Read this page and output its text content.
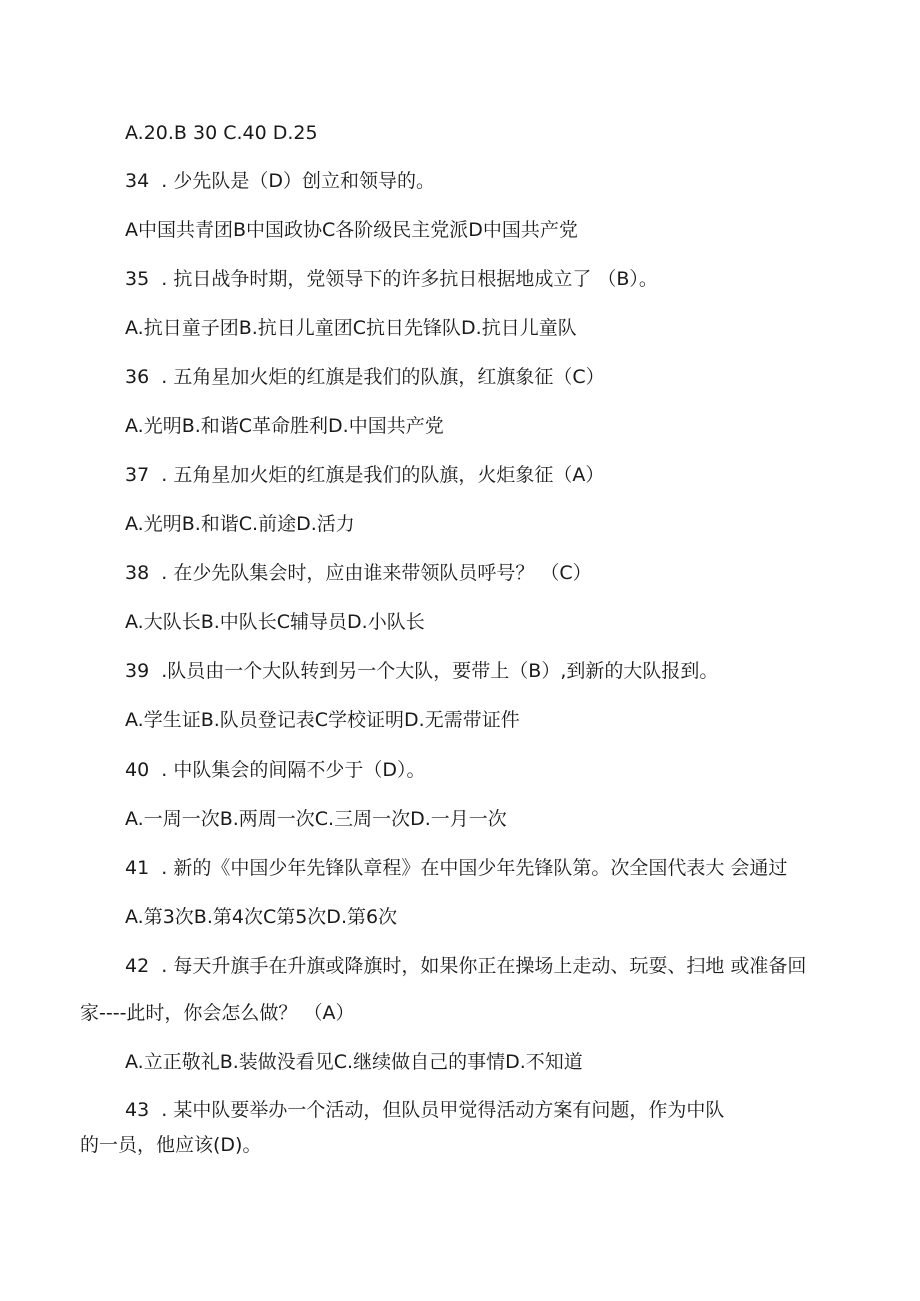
A.20.B 30 C.40 D.25
34  . 少先队是（D）创立和领导的。
A中国共青团B中国政协C各阶级民主党派D中国共产党
35  . 抗日战争时期，党领导下的许多抗日根据地成立了 （B）。
A.抗日童子团B.抗日儿童团C抗日先锋队D.抗日儿童队
36  . 五角星加火炬的红旗是我们的队旗，红旗象征（C）
A.光明B.和谐C革命胜利D.中国共产党
37  . 五角星加火炬的红旗是我们的队旗，火炬象征（A）
A.光明B.和谐C.前途D.活力
38  . 在少先队集会时，应由谁来带领队员呼号？ （C）
A.大队长B.中队长C辅导员D.小队长
39  .队员由一个大队转到另一个大队，要带上（B）,到新的大队报到。
A.学生证B.队员登记表C学校证明D.无需带证件
40  . 中队集会的间隔不少于（D）。
A.一周一次B.两周一次C.三周一次D.一月一次
41  . 新的《中国少年先锋队章程》在中国少年先锋队第。次全国代表大 会通过
A.第3次B.第4次C第5次D.第6次
42  . 每天升旗手在升旗或降旗时，如果你正在操场上走动、玩耍、扫地 或准备回
家----此时，你会怎么做？ （A）
A.立正敬礼B.装做没看见C.继续做自己的事情D.不知道
43  . 某中队要举办一个活动，但队员甲觉得活动方案有问题，作为中队
的一员，他应该(D)。
